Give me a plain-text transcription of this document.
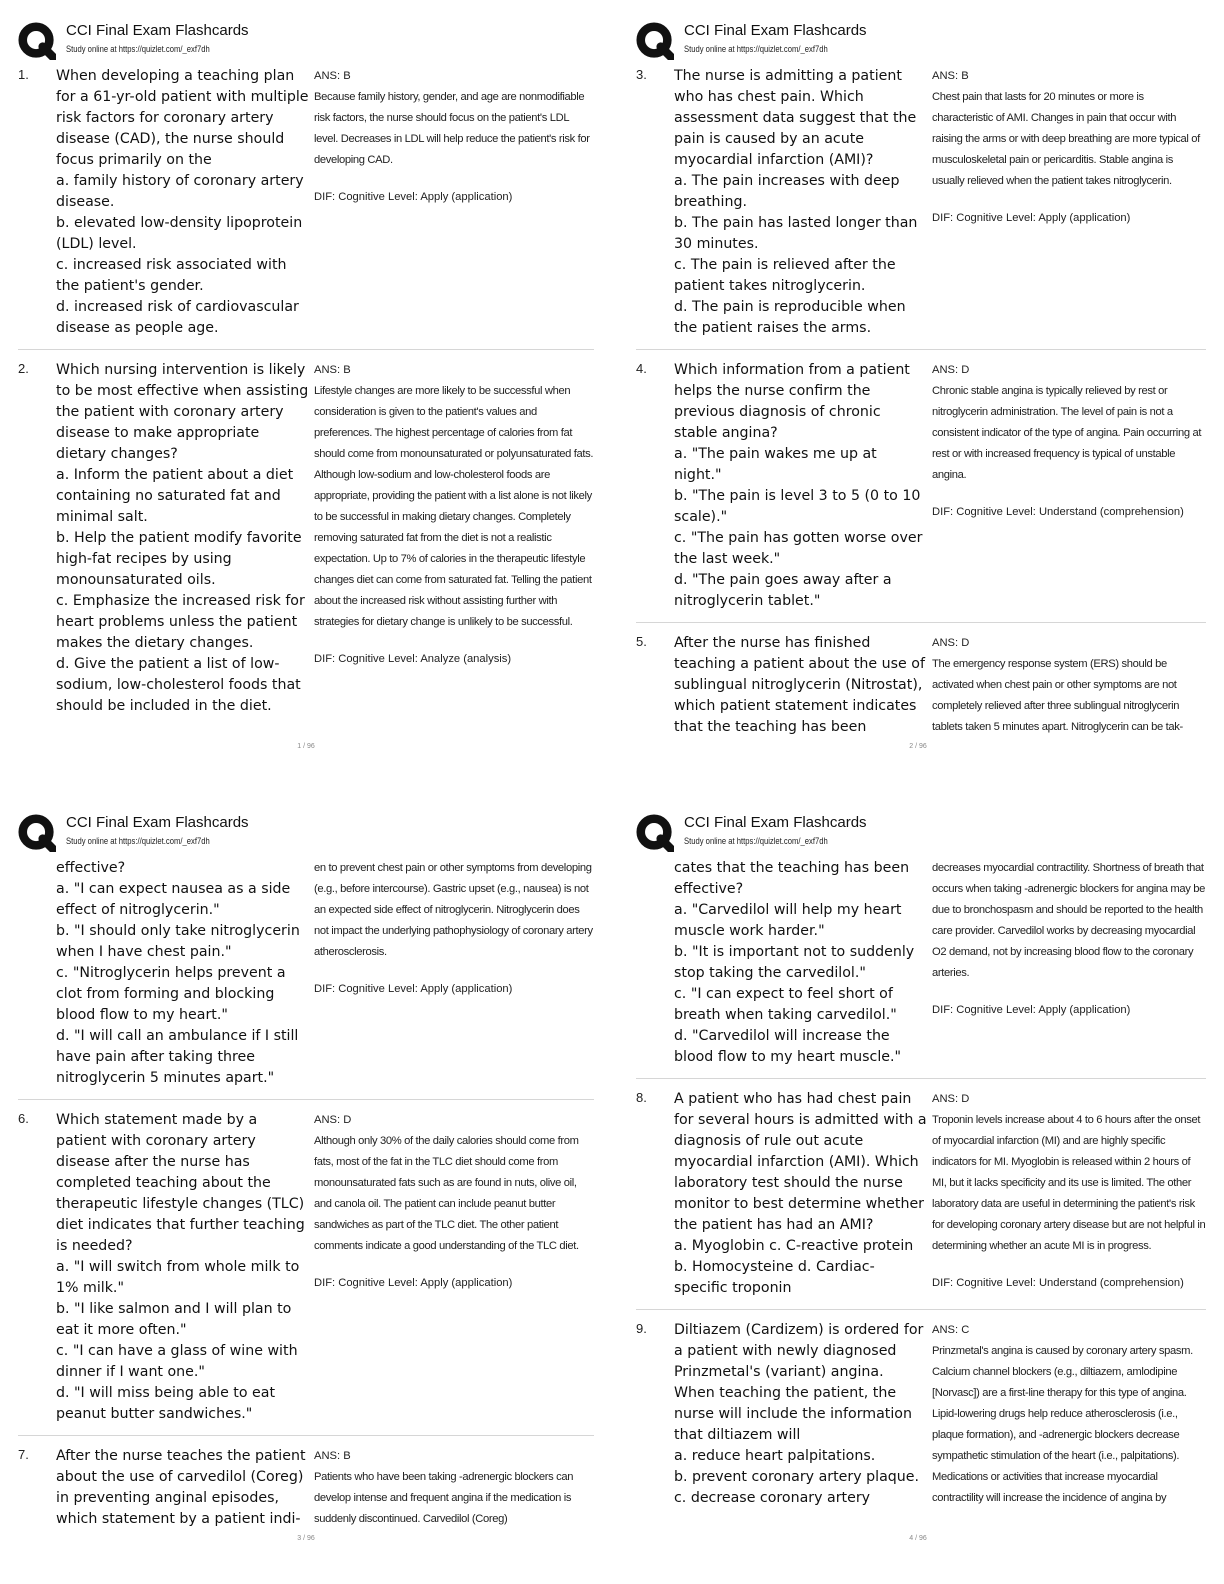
CCI Final Exam Flashcards
Study online at https://quizlet.com/_exf7dh
1.	When developing a teaching plan for a 61-yr-old patient with multiple risk factors for coronary artery disease (CAD), the nurse should focus primarily on the
a. family history of coronary artery disease.
b. elevated low-density lipoprotein (LDL) level.
c. increased risk associated with the patient's gender.
d. increased risk of cardiovascular disease as people age.
ANS: B
Because family history, gender, and age are nonmodifiable risk factors, the nurse should focus on the patient's LDL level. Decreases in LDL will help reduce the patient's risk for developing CAD.
DIF: Cognitive Level: Apply (application)
2.	Which nursing intervention is likely to be most effective when assisting the patient with coronary artery disease to make appropriate dietary changes?
a. Inform the patient about a diet containing no saturated fat and minimal salt.
b. Help the patient modify favorite high-fat recipes by using monounsaturated oils.
c. Emphasize the increased risk for heart problems unless the patient makes the dietary changes.
d. Give the patient a list of low-sodium, low-cholesterol foods that should be included in the diet.
ANS: B
Lifestyle changes are more likely to be successful when consideration is given to the patient's values and preferences. The highest percentage of calories from fat should come from monounsaturated or polyunsaturated fats. Although low-sodium and low-cholesterol foods are appropriate, providing the patient with a list alone is not likely to be successful in making dietary changes. Completely removing saturated fat from the diet is not a realistic expectation. Up to 7% of calories in the therapeutic lifestyle changes diet can come from saturated fat. Telling the patient about the increased risk without assisting further with strategies for dietary change is unlikely to be successful.
DIF: Cognitive Level: Analyze (analysis)
1 / 96
CCI Final Exam Flashcards
Study online at https://quizlet.com/_exf7dh
3.	The nurse is admitting a patient who has chest pain. Which assessment data suggest that the pain is caused by an acute myocardial infarction (AMI)?
a. The pain increases with deep breathing.
b. The pain has lasted longer than 30 minutes.
c. The pain is relieved after the patient takes nitroglycerin.
d. The pain is reproducible when the patient raises the arms.
ANS: B
Chest pain that lasts for 20 minutes or more is characteristic of AMI. Changes in pain that occur with raising the arms or with deep breathing are more typical of musculoskeletal pain or pericarditis. Stable angina is usually relieved when the patient takes nitroglycerin.
DIF: Cognitive Level: Apply (application)
4.	Which information from a patient helps the nurse confirm the previous diagnosis of chronic stable angina?
a. "The pain wakes me up at night."
b. "The pain is level 3 to 5 (0 to 10 scale)."
c. "The pain has gotten worse over the last week."
d. "The pain goes away after a nitroglycerin tablet."
ANS: D
Chronic stable angina is typically relieved by rest or nitroglycerin administration. The level of pain is not a consistent indicator of the type of angina. Pain occurring at rest or with increased frequency is typical of unstable angina.
DIF: Cognitive Level: Understand (comprehension)
5.	After the nurse has finished teaching a patient about the use of sublingual nitroglycerin (Nitrostat), which patient statement indicates that the teaching has been
ANS: D
The emergency response system (ERS) should be activated when chest pain or other symptoms are not completely relieved after three sublingual nitroglycerin tablets taken 5 minutes apart. Nitroglycerin can be tak-
2 / 96
CCI Final Exam Flashcards
Study online at https://quizlet.com/_exf7dh
effective?
a. "I can expect nausea as a side effect of nitroglycerin."
b. "I should only take nitroglycerin when I have chest pain."
c. "Nitroglycerin helps prevent a clot from forming and blocking blood flow to my heart."
d. "I will call an ambulance if I still have pain after taking three nitroglycerin 5 minutes apart."
en to prevent chest pain or other symptoms from developing (e.g., before intercourse). Gastric upset (e.g., nausea) is not an expected side effect of nitroglycerin. Nitroglycerin does not impact the underlying pathophysiology of coronary artery atherosclerosis.
DIF: Cognitive Level: Apply (application)
6.	Which statement made by a patient with coronary artery disease after the nurse has completed teaching about the therapeutic lifestyle changes (TLC) diet indicates that further teaching is needed?
a. "I will switch from whole milk to 1% milk."
b. "I like salmon and I will plan to eat it more often."
c. "I can have a glass of wine with dinner if I want one."
d. "I will miss being able to eat peanut butter sandwiches."
ANS: D
Although only 30% of the daily calories should come from fats, most of the fat in the TLC diet should come from monounsaturated fats such as are found in nuts, olive oil, and canola oil. The patient can include peanut butter sandwiches as part of the TLC diet. The other patient comments indicate a good understanding of the TLC diet.
DIF: Cognitive Level: Apply (application)
7.	After the nurse teaches the patient about the use of carvedilol (Coreg) in preventing anginal episodes, which statement by a patient indi-
ANS: B
Patients who have been taking -adrenergic blockers can develop intense and frequent angina if the medication is suddenly discontinued. Carvedilol (Coreg)
3 / 96
CCI Final Exam Flashcards
Study online at https://quizlet.com/_exf7dh
cates that the teaching has been effective?
a. "Carvedilol will help my heart muscle work harder."
b. "It is important not to suddenly stop taking the carvedilol."
c. "I can expect to feel short of breath when taking carvedilol."
d. "Carvedilol will increase the blood flow to my heart muscle."
decreases myocardial contractility. Shortness of breath that occurs when taking -adrenergic blockers for angina may be due to bronchospasm and should be reported to the health care provider. Carvedilol works by decreasing myocardial O2 demand, not by increasing blood flow to the coronary arteries.
DIF: Cognitive Level: Apply (application)
8.	A patient who has had chest pain for several hours is admitted with a diagnosis of rule out acute myocardial infarction (AMI). Which laboratory test should the nurse monitor to best determine whether the patient has had an AMI?
a. Myoglobin c. C-reactive protein
b. Homocysteine d. Cardiac-specific troponin
ANS: D
Troponin levels increase about 4 to 6 hours after the onset of myocardial infarction (MI) and are highly specific indicators for MI. Myoglobin is released within 2 hours of MI, but it lacks specificity and its use is limited. The other laboratory data are useful in determining the patient's risk for developing coronary artery disease but are not helpful in determining whether an acute MI is in progress.
DIF: Cognitive Level: Understand (comprehension)
9.	Diltiazem (Cardizem) is ordered for a patient with newly diagnosed Prinzmetal's (variant) angina. When teaching the patient, the nurse will include the information that diltiazem will
a. reduce heart palpitations.
b. prevent coronary artery plaque.
c. decrease coronary artery
ANS: C
Prinzmetal's angina is caused by coronary artery spasm. Calcium channel blockers (e.g., diltiazem, amlodipine [Norvasc]) are a first-line therapy for this type of angina. Lipid-lowering drugs help reduce atherosclerosis (i.e., plaque formation), and -adrenergic blockers decrease sympathetic stimulation of the heart (i.e., palpitations). Medications or activities that increase myocardial contractility will increase the incidence of angina by
4 / 96
